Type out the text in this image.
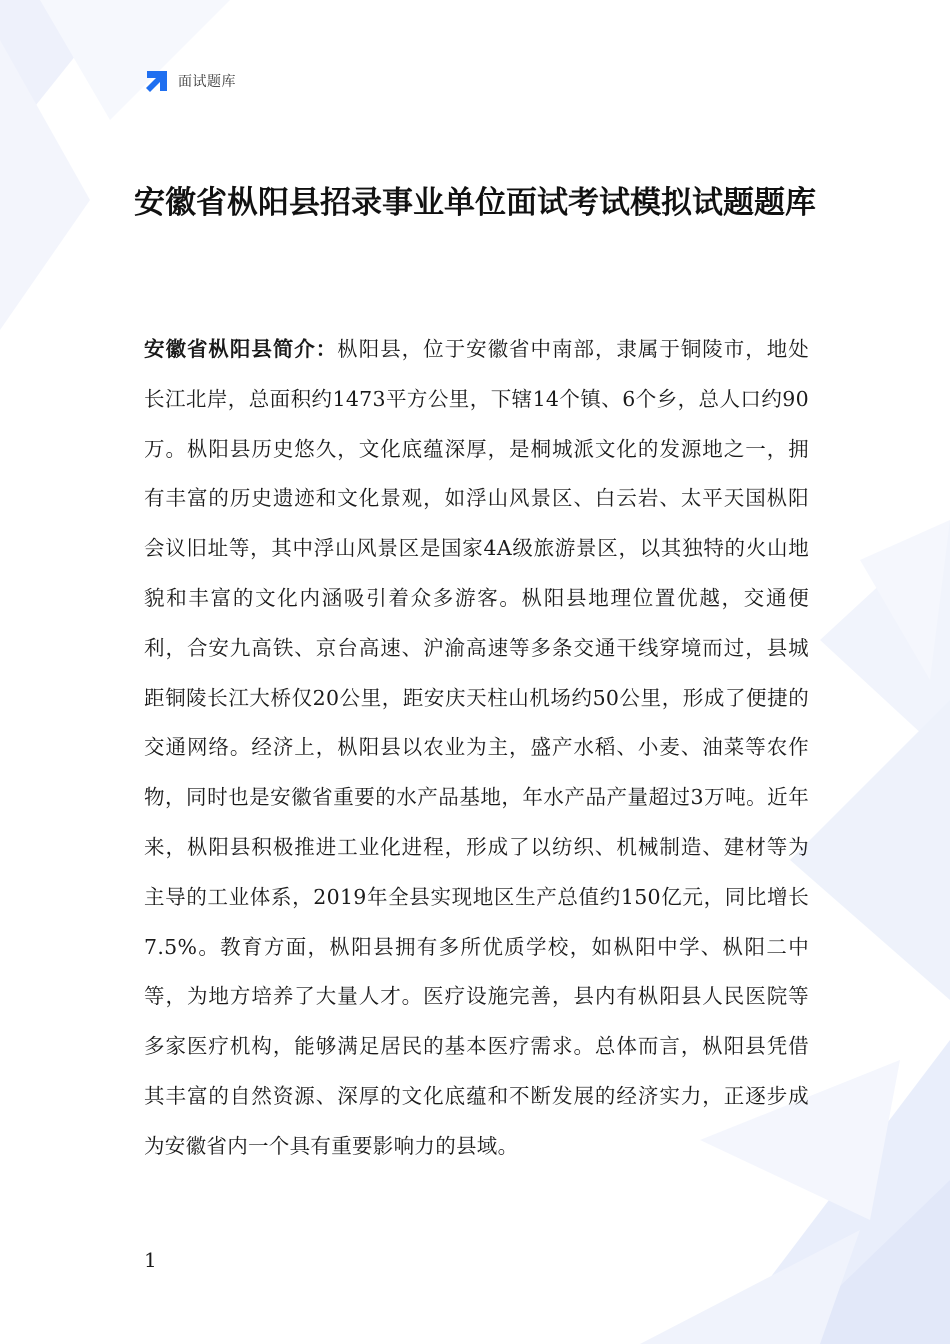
面试题库
安徽省枞阳县招录事业单位面试考试模拟试题题库

安徽省枞阳县简介：枞阳县，位于安徽省中南部，隶属于铜陵市，地处长江北岸，总面积约1473平方公里，下辖14个镇、6个乡，总人口约90万。枞阳县历史悠久，文化底蕴深厚，是桐城派文化的发源地之一，拥有丰富的历史遗迹和文化景观，如浮山风景区、白云岩、太平天国枞阳会议旧址等，其中浮山风景区是国家4A级旅游景区，以其独特的火山地貌和丰富的文化内涵吸引着众多游客。枞阳县地理位置优越，交通便利，合安九高铁、京台高速、沪渝高速等多条交通干线穿境而过，县城距铜陵长江大桥仅20公里，距安庆天柱山机场约50公里，形成了便捷的交通网络。经济上，枞阳县以农业为主，盛产水稻、小麦、油菜等农作物，同时也是安徽省重要的水产品基地，年水产品产量超过3万吨。近年来，枞阳县积极推进工业化进程，形成了以纺织、机械制造、建材等为主导的工业体系，2019年全县实现地区生产总值约150亿元，同比增长7.5%。教育方面，枞阳县拥有多所优质学校，如枞阳中学、枞阳二中等，为地方培养了大量人才。医疗设施完善，县内有枞阳县人民医院等多家医疗机构，能够满足居民的基本医疗需求。总体而言，枞阳县凭借其丰富的自然资源、深厚的文化底蕴和不断发展的经济实力，正逐步成为安徽省内一个具有重要影响力的县域。

1
